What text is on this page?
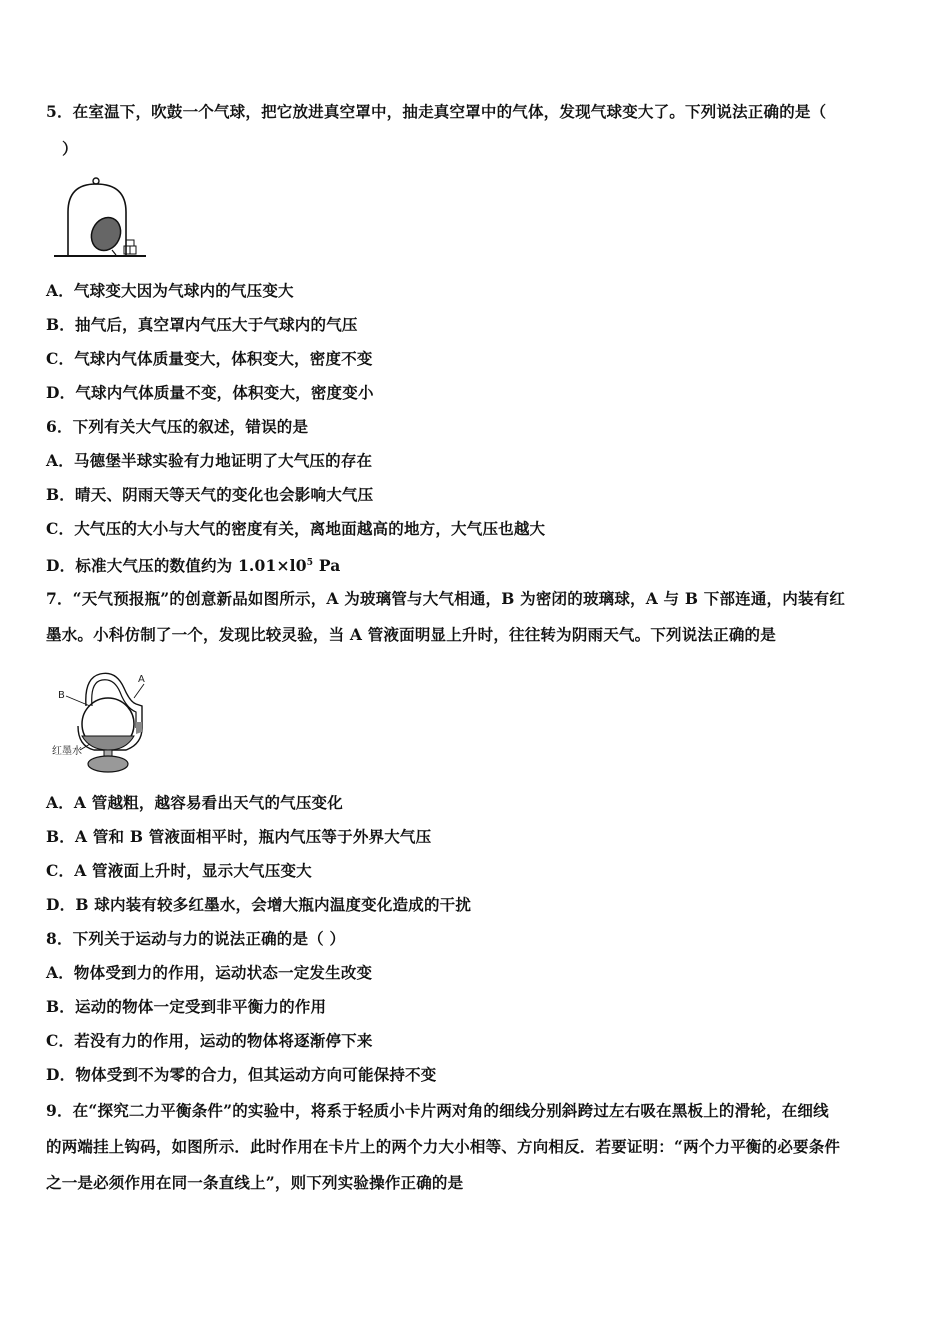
5．在室温下，吹鼓一个气球，把它放进真空罩中，抽走真空罩中的气体，发现气球变大了。下列说法正确的是（
）
A．气球变大因为气球内的气压变大
B．抽气后，真空罩内气压大于气球内的气压
C．气球内气体质量变大，体积变大，密度不变
D．气球内气体质量不变，体积变大，密度变小
6．下列有关大气压的叙述，错误的是
A．马德堡半球实验有力地证明了大气压的存在
B．晴天、阴雨天等天气的变化也会影响大气压
C．大气压的大小与大气的密度有关，离地面越高的地方，大气压也越大
D．标准大气压的数值约为 $1.01\times l0^5$ Pa
7．“天气预报瓶”的创意新品如图所示，A 为玻璃管与大气相通，B 为密闭的玻璃球，A 与 B 下部连通，内装有红
墨水。小科仿制了一个，发现比较灵验，当 A 管液面明显上升时，往往转为阴雨天气。下列说法正确的是
B
A
红墨水
A．A 管越粗，越容易看出天气的气压变化
B．A 管和 B 管液面相平时，瓶内气压等于外界大气压
C．A 管液面上升时，显示大气压变大
D．B 球内装有较多红墨水，会增大瓶内温度变化造成的干扰
8．下列关于运动与力的说法正确的是（ ）
A．物体受到力的作用，运动状态一定发生改变
B．运动的物体一定受到非平衡力的作用
C．若没有力的作用，运动的物体将逐渐停下来
D．物体受到不为零的合力，但其运动方向可能保持不变
9．在“探究二力平衡条件”的实验中，将系于轻质小卡片两对角的细线分别斜跨过左右吸在黑板上的滑轮，在细线
的两端挂上钩码，如图所示．此时作用在卡片上的两个力大小相等、方向相反．若要证明：“两个力平衡的必要条件
之一是必须作用在同一条直线上”，则下列实验操作正确的是
